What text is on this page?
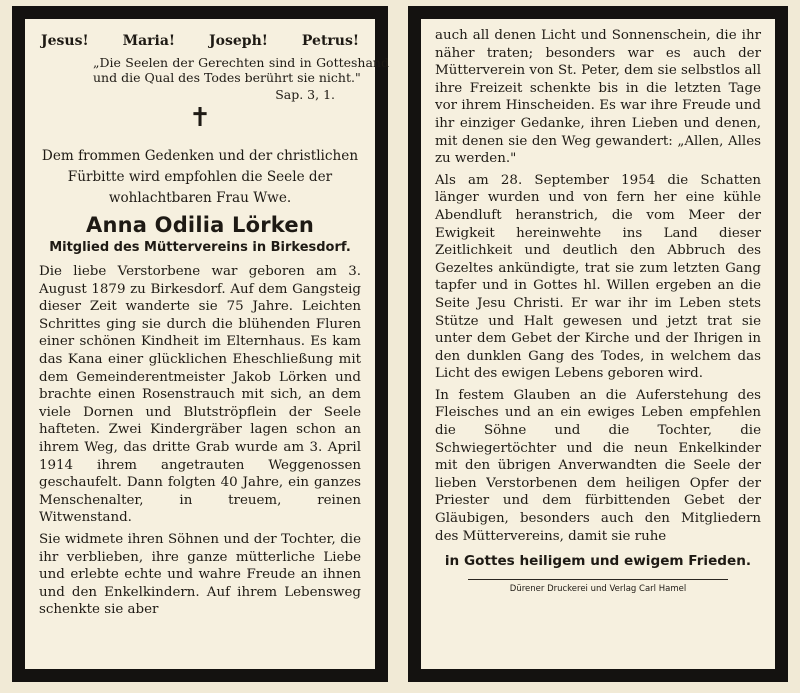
Jesus! Maria! Joseph! Petrus!
„Die Seelen der Gerechten sind in Gotteshand und die Qual des Todes berührt sie nicht."
Sap. 3, 1.
✝
Dem frommen Gedenken und der christlichen Fürbitte wird empfohlen die Seele der wohlachtbaren Frau Wwe.
Anna Odilia Lörken
Mitglied des Müttervereins in Birkesdorf.

Die liebe Verstorbene war geboren am 3. August 1879 zu Birkesdorf. Auf dem Gangsteig dieser Zeit wanderte sie 75 Jahre. Leichten Schrittes ging sie durch die blühenden Fluren einer schönen Kindheit im Elternhaus. Es kam das Kana einer glücklichen Eheschließung mit dem Gemeinderentmeister Jakob Lörken und brachte einen Rosenstrauch mit sich, an dem viele Dornen und Blutströpflein der Seele hafteten. Zwei Kindergräber lagen schon an ihrem Weg, das dritte Grab wurde am 3. April 1914 ihrem angetrauten Weggenossen geschaufelt. Dann folgten 40 Jahre, ein ganzes Menschenalter, in treuem, reinen Witwenstand.

Sie widmete ihren Söhnen und der Tochter, die ihr verblieben, ihre ganze mütterliche Liebe und erlebte echte und wahre Freude an ihnen und den Enkelkindern. Auf ihrem Lebensweg schenkte sie aber

auch all denen Licht und Sonnenschein, die ihr näher traten; besonders war es auch der Mütterverein von St. Peter, dem sie selbstlos all ihre Freizeit schenkte bis in die letzten Tage vor ihrem Hinscheiden. Es war ihre Freude und ihr einziger Gedanke, ihren Lieben und denen, mit denen sie den Weg gewandert: „Allen, Alles zu werden."

Als am 28. September 1954 die Schatten länger wurden und von fern her eine kühle Abendluft heranstrich, die vom Meer der Ewigkeit hereinwehte ins Land dieser Zeitlichkeit und deutlich den Abbruch des Gezeltes ankündigte, trat sie zum letzten Gang tapfer und in Gottes hl. Willen ergeben an die Seite Jesu Christi. Er war ihr im Leben stets Stütze und Halt gewesen und jetzt trat sie unter dem Gebet der Kirche und der Ihrigen in den dunklen Gang des Todes, in welchem das Licht des ewigen Lebens geboren wird.

In festem Glauben an die Auferstehung des Fleisches und an ein ewiges Leben empfehlen die Söhne und die Tochter, die Schwiegertöchter und die neun Enkelkinder mit den übrigen Anverwandten die Seele der lieben Verstorbenen dem heiligen Opfer der Priester und dem fürbittenden Gebet der Gläubigen, besonders auch den Mitgliedern des Müttervereins, damit sie ruhe

in Gottes heiligem und ewigem Frieden.
Dürener Druckerei und Verlag Carl Hamel
